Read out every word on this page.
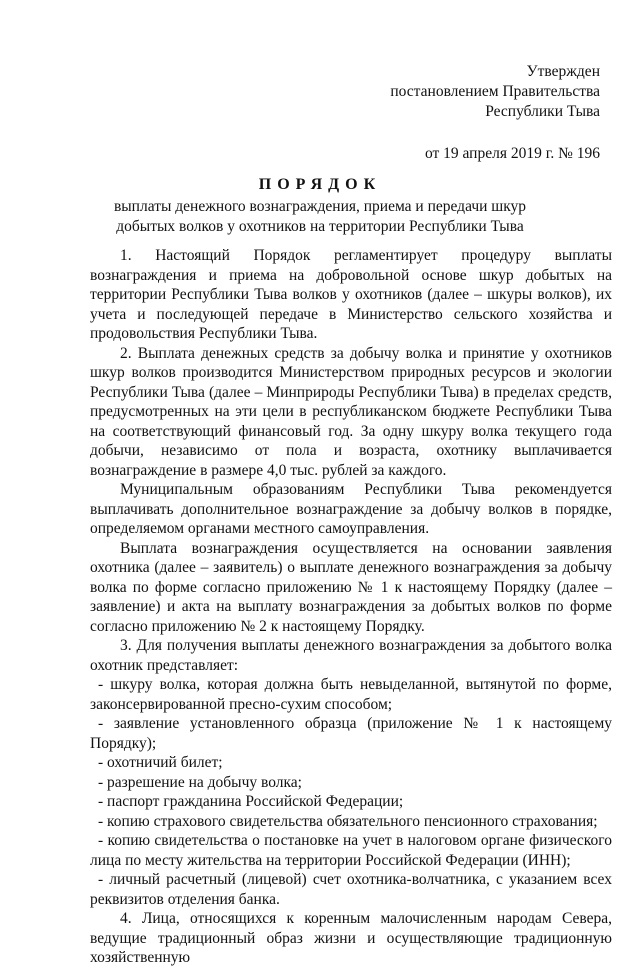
Утвержден
постановлением Правительства
Республики Тыва
от 19 апреля 2019 г. № 196
ПОРЯДОК
выплаты денежного вознаграждения, приема и передачи шкур
добытых волков у охотников на территории Республики Тыва

1. Настоящий Порядок регламентирует процедуру выплаты вознаграждения и приема на добровольной основе шкур добытых на территории Республики Тыва волков у охотников (далее – шкуры волков), их учета и последующей передаче в Министерство сельского хозяйства и продовольствия Республики Тыва.

2. Выплата денежных средств за добычу волка и принятие у охотников шкур волков производится Министерством природных ресурсов и экологии Республики Тыва (далее – Минприроды Республики Тыва) в пределах средств, предусмотренных на эти цели в республиканском бюджете Республики Тыва на соответствующий финансовый год. За одну шкуру волка текущего года добычи, независимо от пола и возраста, охотнику выплачивается вознаграждение в размере 4,0 тыс. рублей за каждого.

Муниципальным образованиям Республики Тыва рекомендуется выплачивать дополнительное вознаграждение за добычу волков в порядке, определяемом органами местного самоуправления.

Выплата вознаграждения осуществляется на основании заявления охотника (далее – заявитель) о выплате денежного вознаграждения за добычу волка по форме согласно приложению № 1 к настоящему Порядку (далее – заявление) и акта на выплату вознаграждения за добытых волков по форме согласно приложению № 2 к настоящему Порядку.

3. Для получения выплаты денежного вознаграждения за добытого волка охотник представляет:

- шкуру волка, которая должна быть невыделанной, вытянутой по форме, законсервированной пресно-сухим способом;

- заявление установленного образца (приложение № 1 к настоящему Порядку);

- охотничий билет;

- разрешение на добычу волка;

- паспорт гражданина Российской Федерации;

- копию страхового свидетельства обязательного пенсионного страхования;

- копию свидетельства о постановке на учет в налоговом органе физического лица по месту жительства на территории Российской Федерации (ИНН);

- личный расчетный (лицевой) счет охотника-волчатника, с указанием всех реквизитов отделения банка.

4. Лица, относящихся к коренным малочисленным народам Севера, ведущие традиционный образ жизни и осуществляющие традиционную хозяйственную
